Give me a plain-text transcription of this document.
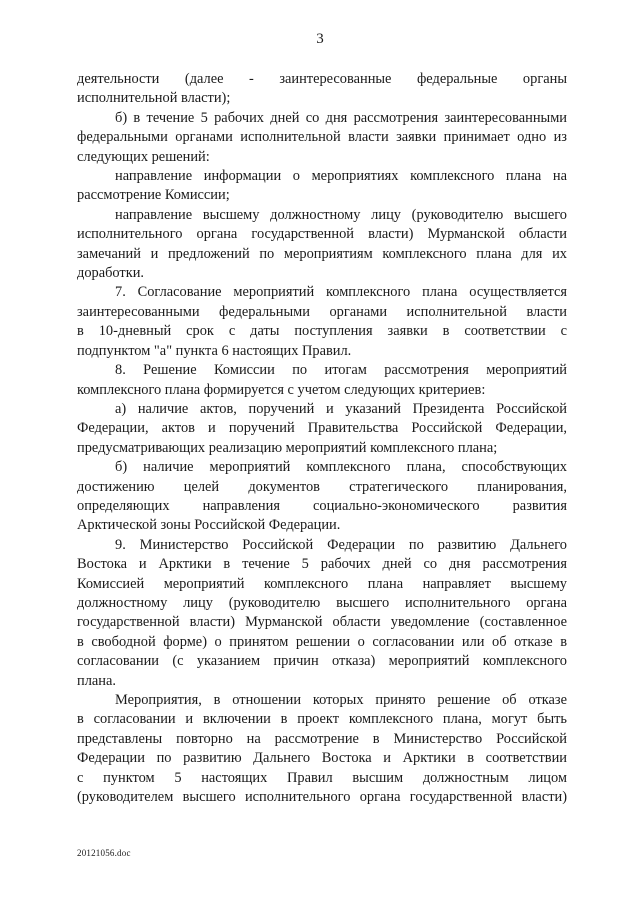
3
деятельности (далее - заинтересованные федеральные органы
исполнительной власти);
б) в течение 5 рабочих дней со дня рассмотрения заинтересованными
федеральными органами исполнительной власти заявки принимает одно из
следующих решений:
направление информации о мероприятиях комплексного плана на
рассмотрение Комиссии;
направление высшему должностному лицу (руководителю высшего
исполнительного органа государственной власти) Мурманской области
замечаний и предложений по мероприятиям комплексного плана для их
доработки.
7. Согласование мероприятий комплексного плана осуществляется
заинтересованными федеральными органами исполнительной власти
в 10-дневный срок с даты поступления заявки в соответствии с
подпунктом "а" пункта 6 настоящих Правил.
8. Решение Комиссии по итогам рассмотрения мероприятий
комплексного плана формируется с учетом следующих критериев:
а) наличие актов, поручений и указаний Президента Российской
Федерации, актов и поручений Правительства Российской Федерации,
предусматривающих реализацию мероприятий комплексного плана;
б) наличие мероприятий комплексного плана, способствующих
достижению целей документов стратегического планирования,
определяющих направления социально-экономического развития
Арктической зоны Российской Федерации.
9. Министерство Российской Федерации по развитию Дальнего
Востока и Арктики в течение 5 рабочих дней со дня рассмотрения
Комиссией мероприятий комплексного плана направляет высшему
должностному лицу (руководителю высшего исполнительного органа
государственной власти) Мурманской области уведомление (составленное
в свободной форме) о принятом решении о согласовании или об отказе в
согласовании (с указанием причин отказа) мероприятий комплексного
плана.
Мероприятия, в отношении которых принято решение об отказе
в согласовании и включении в проект комплексного плана, могут быть
представлены повторно на рассмотрение в Министерство Российской
Федерации по развитию Дальнего Востока и Арктики в соответствии
с пунктом 5 настоящих Правил высшим должностным лицом
(руководителем высшего исполнительного органа государственной власти)
20121056.doc
